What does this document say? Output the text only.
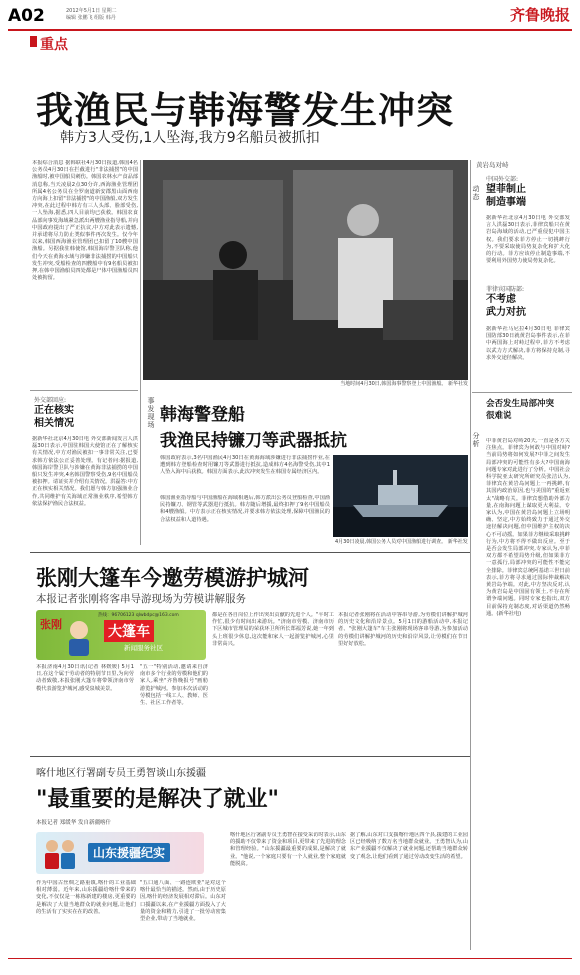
A02	2012年5月1日 星期二
编辑 张鹏飞 组版 韩丹	齐鲁晚报
重点
我渔民与韩海警发生冲突
韩方3人受伤,1人坠海,我方9名船员被抓扣
本报综合消息 据韩联社4月30日报道,韩国4名公务员4月30日在拦截进行"非法捕捞"的中国渔船时,被中国船员刺伤。韩国农林水产食品部消息称,当天凌晨2点30分许,西海渔业管理团所属4名公务员在全罗南道新安郡黑山面西南方向海上扣留"非法捕捞"的中国渔船,双方发生冲突,在此过程中韩方有三人头部、脸部受伤,一人坠海,据悉,四人目前均已获救。韩国农食品部向事发海域紧急派出两艘渔业指导船,并向中国政府提出了严正抗议,中方对此表示遗憾,并承诺将尽力防止类似事件再次发生。仅今年以来,韩国西海渔业管理团已扣留了10艘中国渔船。另据我驻韩使馆,韩国海岸警卫队称,他们今天在黄海水域与涉嫌非法捕捞的中国船只发生冲突,受船检查的四艘船中有9名船员被扣押,在韩中国渔船员四处都是尸体中国渔船员四处被拘留。
当地时间4月30日,韩国海事警察登上中国渔船。 新华社发
外交部回应:
正在核实
相关情况
据新华社北京4月30日电 外交部新闻发言人洪磊30日表示,中国驻韩国大使馆正在了解核实有关情况,中方对渔民被扣一事非常关注,已要求韩方依法公正妥善处理。有记者问:据报道,韩国海岸警卫队与涉嫌在黄海非法捕捞的中国船只发生冲突,4名韩国警察受伤,9名中国船员被扣押。请证实并介绍有关情况。洪磊答:中方正在核实相关情况。我们愿与韩方加强渔业合作,共同维护有关海域正常渔业秩序,希望韩方依法保护渔民合法权益。
黄岩岛对峙
动态
中国外交部:
望菲制止
制造事端
据新华社北京4月30日电 外交部发言人洪磊30日表示,菲律宾船只在黄岩岛海域的活动,已严重侵犯中国主权。我们要求菲方停止一切挑衅行为,不要采取使局势复杂化和扩大化的行动。菲方应该停止制造事端,不要利用外国势力使局势复杂化。
菲律宾国防部:
不考虑
武力对抗
据新华社马尼拉4月30日电 菲律宾国防部30日就黄岩岛事件表示,在菲中两国海上对峙过程中,菲方不考虑以武力方式解决,菲方将保持克制,寻求外交途径解决。
分析
会否发生局部冲突
很难说
中菲黄岩岛对峙20天,一直是各方关注焦点。菲律宾为何敢与中国对峙?当前局势将如何发展?中菲之间发生局部冲突的可能性有多大?中国南海问题专家对此进行了分析。中国社会科学院亚太研究所研究员张洁认为,菲律宾在黄岩岛问题上一再挑衅,有其国内政治原因,也与美国的"重返亚太"战略有关。菲律宾想借助外部力量,在南海问题上谋取更大利益。专家认为,中国在黄岩岛问题上立场明确、坚定,中方始终致力于通过外交途径解决问题,但中国维护主权的决心不可动摇。如果菲方继续采取挑衅行为,中方将不得不做出反应。至于是否会发生局部冲突,专家认为,中菲双方都不希望局势升级,但如果菲方一意孤行,局部冲突的可能性不能完全排除。菲律宾总统阿基诺三世日前表示,菲方将寻求通过国际仲裁解决黄岩岛争端。对此,中方坚决反对,认为黄岩岛是中国固有领土,不存在所谓争端问题。同时专家也指出,双方目前保持克制态度,对话渠道仍然畅通。(新华社电)
事发现场 韩海警登船
我渔民持镰刀等武器抵抗
韩国政府表示,3名中国渔民4月30日在黄海海域涉嫌进行非法捕捞作业,在遭到韩方登船检查时用镰刀等武器进行抵抗,造成韩方4名海警受伤,其中1人坠入海中后获救。韩国方面表示,此次冲突发生在韩国专属经济区内。
韩国渔业指导船与中国渔船在海域相遇后,韩方派出公务员登船检查,中国渔民持镰刀、钢管等武器进行抵抗。韩方随后增援,最终扣押了9名中国船员和4艘渔船。中方表示正在核实情况,并要求韩方依法处理,保障中国渔民的合法权益和人道待遇。
4月30日凌晨,韩国公务人员对中国渔船进行调查。 新华社发
张刚大篷车今邀劳模游护城河
本报记者张刚将客串导游现场为劳模讲解服务
张刚
热线：96706123 qlwbdpc@163.com
大篷车
新闻服务社区
本报济南4月30日讯(记者 林媛媛) 5月1日,在这个属于劳动者的特别节日里,为向劳动者致敬,本报张刚大篷车将带领济南市劳模代表游览护城河,感受泉城美景。
"五一"特别活动,邀请来自济南市多个行业的劳模和他们的家人,乘坐"齐鲁晚报号"画舫游览护城河。参加本次活动的劳模包括一线工人、教师、医生、社区工作者等。
都是在各自岗位上作出突出贡献的先进个人。"平时工作忙,很少有时间出来游玩。"济南市劳模、济南市历下区城市管理局的荣获环卫所所长郑福芳说,她一年到头上班很少休息,这次能和家人一起游览护城河,心里非常高兴。
本报记者张刚将在活动中客串导游,为劳模们讲解护城河的历史文化和沿岸景点。5月1日的游船活动中,本报记者、"张刚大篷车"车主张刚将现场客串导游,为参加活动的劳模们讲解护城河的历史和沿岸风景,让劳模们在节日里好好放松。
喀什地区行署副专员王勇智谈山东援疆
"最重要的是解决了就业"
本报记者 郑缓华 发自新疆喀什
山东援疆纪实
作为中国古丝绸之路重镇,喀什的工业基础相对薄弱。近年来,山东援疆给喀什带来的变化,不仅仅是一栋栋新建的楼房,更重要的是解决了大量当地群众的就业问题,让他们的生活有了实实在在的改善。
"五口通八面、一路连欧亚"是对这个喀什最恰当的描述。然而,由于历史原因,喀什的经济发展相对滞后。山东对口援疆以来,在产业援疆方面投入了大量的资金和精力,引进了一批劳动密集型企业,带动了当地就业。
喀什地区行署副专员王勇智在接受采访时表示,山东的援助不仅带来了资金和项目,更带来了先进的理念和管理经验。"山东援疆最重要的成果,是解决了就业。"他说,一个家庭只要有一个人就业,整个家庭就能脱贫。
据了解,山东对口支援喀什地区四个县,援建的工业园区已经吸纳了数万名当地群众就业。王勇智认为,山东产业援疆不仅解决了就业问题,还帮助当地群众转变了观念,让他们看到了通过劳动改变生活的希望。
